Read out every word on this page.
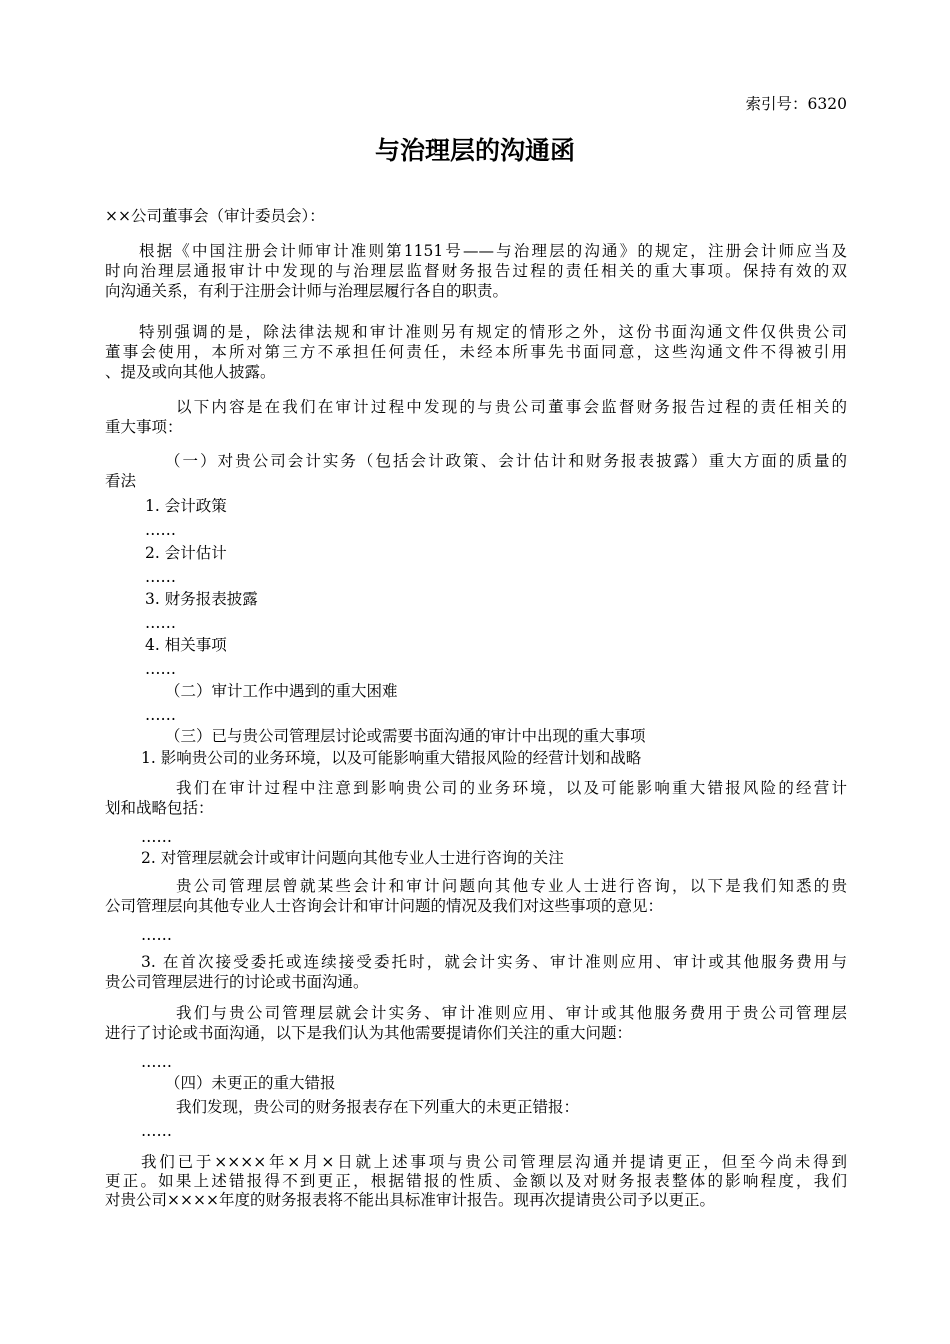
索引号：6320
与治理层的沟通函
××公司董事会（审计委员会）：
根据《中国注册会计师审计准则第1151号——与治理层的沟通》的规定，注册会计师应当及
时向治理层通报审计中发现的与治理层监督财务报告过程的责任相关的重大事项。保持有效的双
向沟通关系，有利于注册会计师与治理层履行各自的职责。
特别强调的是，除法律法规和审计准则另有规定的情形之外，这份书面沟通文件仅供贵公司
董事会使用，本所对第三方不承担任何责任，未经本所事先书面同意，这些沟通文件不得被引用
、提及或向其他人披露。
以下内容是在我们在审计过程中发现的与贵公司董事会监督财务报告过程的责任相关的
重大事项：
（一）对贵公司会计实务（包括会计政策、会计估计和财务报表披露）重大方面的质量的
看法
1. 会计政策
……
2. 会计估计
……
3. 财务报表披露
……
4. 相关事项
……
（二）审计工作中遇到的重大困难
……
（三）已与贵公司管理层讨论或需要书面沟通的审计中出现的重大事项
1. 影响贵公司的业务环境，以及可能影响重大错报风险的经营计划和战略
我们在审计过程中注意到影响贵公司的业务环境，以及可能影响重大错报风险的经营计
划和战略包括：
……
2. 对管理层就会计或审计问题向其他专业人士进行咨询的关注
贵公司管理层曾就某些会计和审计问题向其他专业人士进行咨询，以下是我们知悉的贵
公司管理层向其他专业人士咨询会计和审计问题的情况及我们对这些事项的意见：
……
3. 在首次接受委托或连续接受委托时，就会计实务、审计准则应用、审计或其他服务费用与
贵公司管理层进行的讨论或书面沟通。
我们与贵公司管理层就会计实务、审计准则应用、审计或其他服务费用于贵公司管理层
进行了讨论或书面沟通，以下是我们认为其他需要提请你们关注的重大问题：
……
（四）未更正的重大错报
我们发现，贵公司的财务报表存在下列重大的未更正错报：
……
我们已于××××年×月×日就上述事项与贵公司管理层沟通并提请更正，但至今尚未得到
更正。如果上述错报得不到更正，根据错报的性质、金额以及对财务报表整体的影响程度，我们
对贵公司××××年度的财务报表将不能出具标准审计报告。现再次提请贵公司予以更正。
